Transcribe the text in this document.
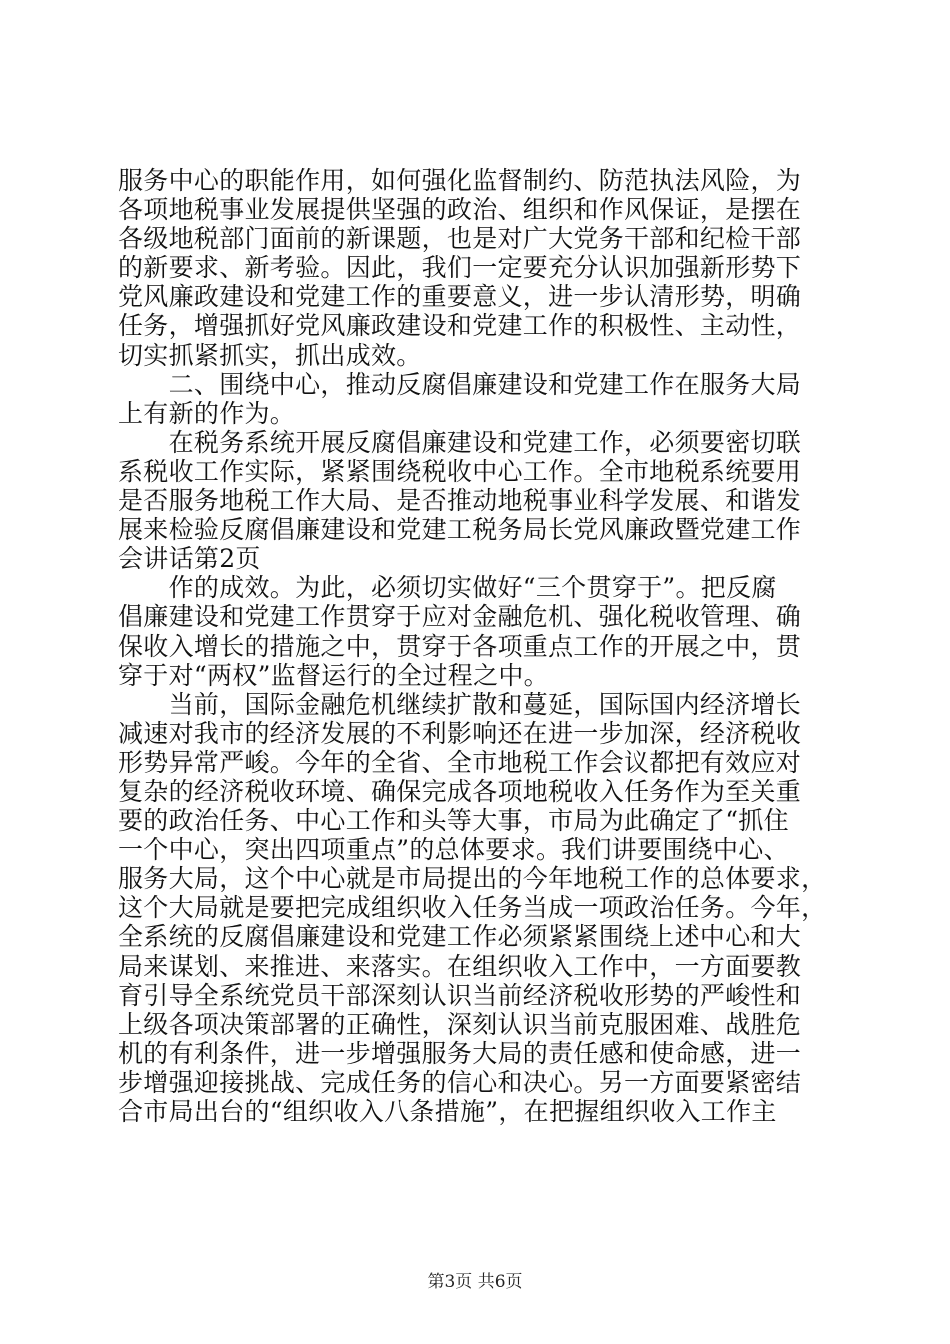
服务中心的职能作用，如何强化监督制约、防范执法风险，为
各项地税事业发展提供坚强的政治、组织和作风保证，是摆在
各级地税部门面前的新课题，也是对广大党务干部和纪检干部
的新要求、新考验。因此，我们一定要充分认识加强新形势下
党风廉政建设和党建工作的重要意义，进一步认清形势，明确
任务，增强抓好党风廉政建设和党建工作的积极性、主动性，
切实抓紧抓实，抓出成效。
　　二、围绕中心，推动反腐倡廉建设和党建工作在服务大局
上有新的作为。
　　在税务系统开展反腐倡廉建设和党建工作，必须要密切联
系税收工作实际，紧紧围绕税收中心工作。全市地税系统要用
是否服务地税工作大局、是否推动地税事业科学发展、和谐发
展来检验反腐倡廉建设和党建工税务局长党风廉政暨党建工作
会讲话第2页
　　作的成效。为此，必须切实做好“三个贯穿于”。把反腐
倡廉建设和党建工作贯穿于应对金融危机、强化税收管理、确
保收入增长的措施之中，贯穿于各项重点工作的开展之中，贯
穿于对“两权”监督运行的全过程之中。
　　当前，国际金融危机继续扩散和蔓延，国际国内经济增长
减速对我市的经济发展的不利影响还在进一步加深，经济税收
形势异常严峻。今年的全省、全市地税工作会议都把有效应对
复杂的经济税收环境、确保完成各项地税收入任务作为至关重
要的政治任务、中心工作和头等大事，市局为此确定了“抓住
一个中心，突出四项重点”的总体要求。我们讲要围绕中心、
服务大局，这个中心就是市局提出的今年地税工作的总体要求，
这个大局就是要把完成组织收入任务当成一项政治任务。今年，
全系统的反腐倡廉建设和党建工作必须紧紧围绕上述中心和大
局来谋划、来推进、来落实。在组织收入工作中，一方面要教
育引导全系统党员干部深刻认识当前经济税收形势的严峻性和
上级各项决策部署的正确性，深刻认识当前克服困难、战胜危
机的有利条件，进一步增强服务大局的责任感和使命感，进一
步增强迎接挑战、完成任务的信心和决心。另一方面要紧密结
合市局出台的“组织收入八条措施”，在把握组织收入工作主
第3页 共6页
